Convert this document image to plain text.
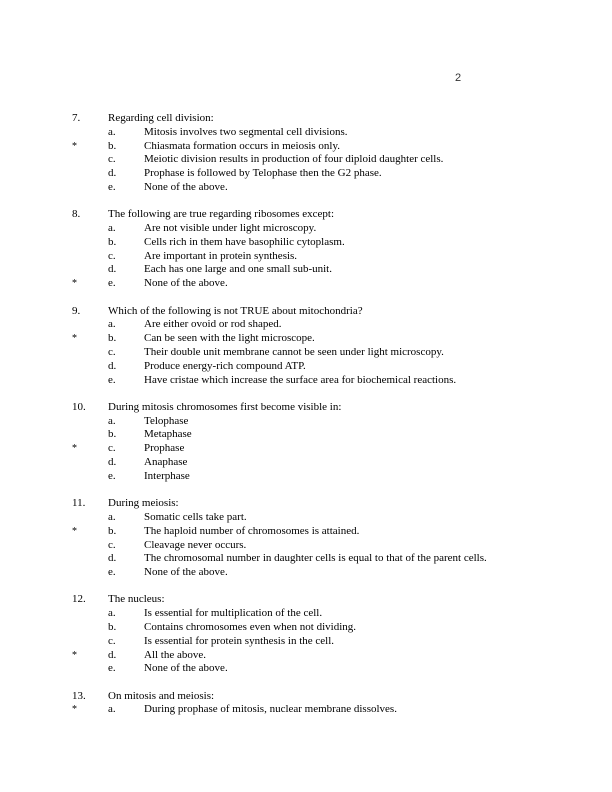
2
7.	Regarding cell division:
a.	Mitosis involves two segmental cell divisions.
*	b.	Chiasmata formation occurs in meiosis only.
c.	Meiotic division results in production of four diploid daughter cells.
d.	Prophase is followed by Telophase then the G2 phase.
e.	None of the above.
8.	The following are true regarding ribosomes except:
a.	Are not visible under light microscopy.
b.	Cells rich in them have basophilic cytoplasm.
c.	Are important in protein synthesis.
d.	Each has one large and one small sub-unit.
*	e.	None of the above.
9.	Which of the following is not TRUE about mitochondria?
a.	Are either ovoid or rod shaped.
*	b.	Can be seen with the light microscope.
c.	Their double unit membrane cannot be seen under light microscopy.
d.	Produce energy-rich compound ATP.
e.	Have cristae which increase the surface area for biochemical reactions.
10. During mitosis chromosomes first become visible in:
a.	Telophase
b.	Metaphase
*	c.	Prophase
d.	Anaphase
e.	Interphase
11. During meiosis:
a.	Somatic cells take part.
*	b.	The haploid number of chromosomes is attained.
c.	Cleavage never occurs.
d.	The chromosomal number in daughter cells is equal to that of the parent cells.
e.	None of the above.
12. The nucleus:
a.	Is essential for multiplication of the cell.
b.	Contains chromosomes even when not dividing.
c.	Is essential for protein synthesis in the cell.
*	d.	All the above.
e.	None of the above.
13. On mitosis and meiosis:
*	a.	During prophase of mitosis, nuclear membrane dissolves.
